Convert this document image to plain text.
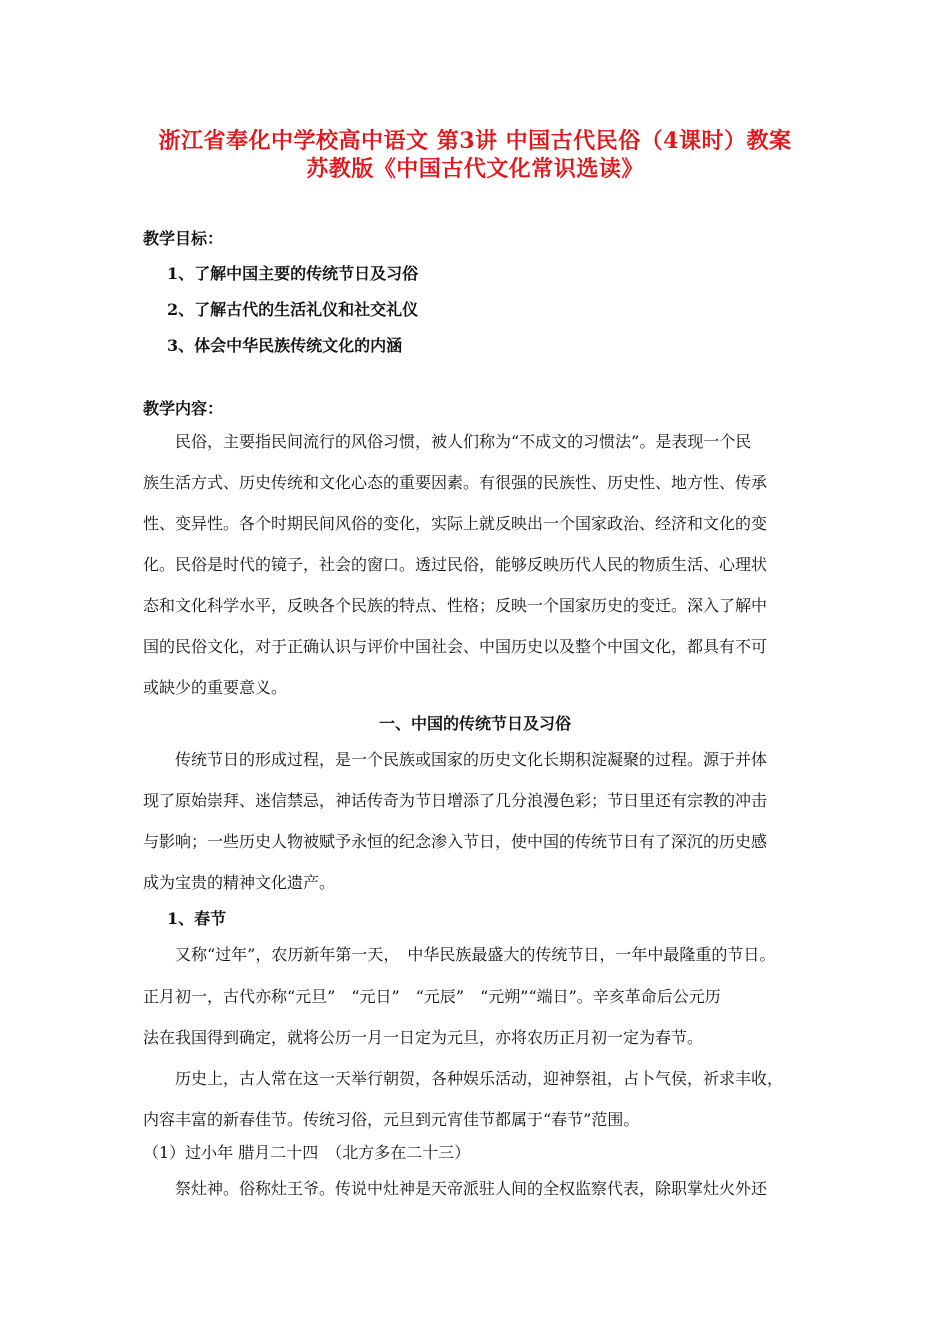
浙江省奉化中学校高中语文 第3讲 中国古代民俗（4课时）教案
苏教版《中国古代文化常识选读》
教学目标：
1、了解中国主要的传统节日及习俗
2、了解古代的生活礼仪和社交礼仪
3、体会中华民族传统文化的内涵
教学内容：
　　民俗，主要指民间流行的风俗习惯，被人们称为“不成文的习惯法”。是表现一个民
族生活方式、历史传统和文化心态的重要因素。有很强的民族性、历史性、地方性、传承
性、变异性。各个时期民间风俗的变化，实际上就反映出一个国家政治、经济和文化的变
化。民俗是时代的镜子，社会的窗口。透过民俗，能够反映历代人民的物质生活、心理状
态和文化科学水平，反映各个民族的特点、性格；反映一个国家历史的变迁。深入了解中
国的民俗文化，对于正确认识与评价中国社会、中国历史以及整个中国文化，都具有不可
或缺少的重要意义。
一、中国的传统节日及习俗
　　传统节日的形成过程，是一个民族或国家的历史文化长期积淀凝聚的过程。源于并体
现了原始崇拜、迷信禁忌，神话传奇为节日增添了几分浪漫色彩；节日里还有宗教的冲击
与影响；一些历史人物被赋予永恒的纪念渗入节日，使中国的传统节日有了深沉的历史感
成为宝贵的精神文化遗产。
1、春节
　　又称“过年”，农历新年第一天，　中华民族最盛大的传统节日，一年中最隆重的节日。
正月初一，古代亦称“元旦”　“元日”　“元辰”　“元朔”“端日”。辛亥革命后公元历
法在我国得到确定，就将公历一月一日定为元旦，亦将农历正月初一定为春节。
　　历史上，古人常在这一天举行朝贺，各种娱乐活动，迎神祭祖，占卜气侯，祈求丰收，
内容丰富的新春佳节。传统习俗，元旦到元宵佳节都属于“春节”范围。
（1）过小年 腊月二十四　（北方多在二十三）
　　祭灶神。俗称灶王爷。传说中灶神是天帝派驻人间的全权监察代表，除职掌灶火外还
